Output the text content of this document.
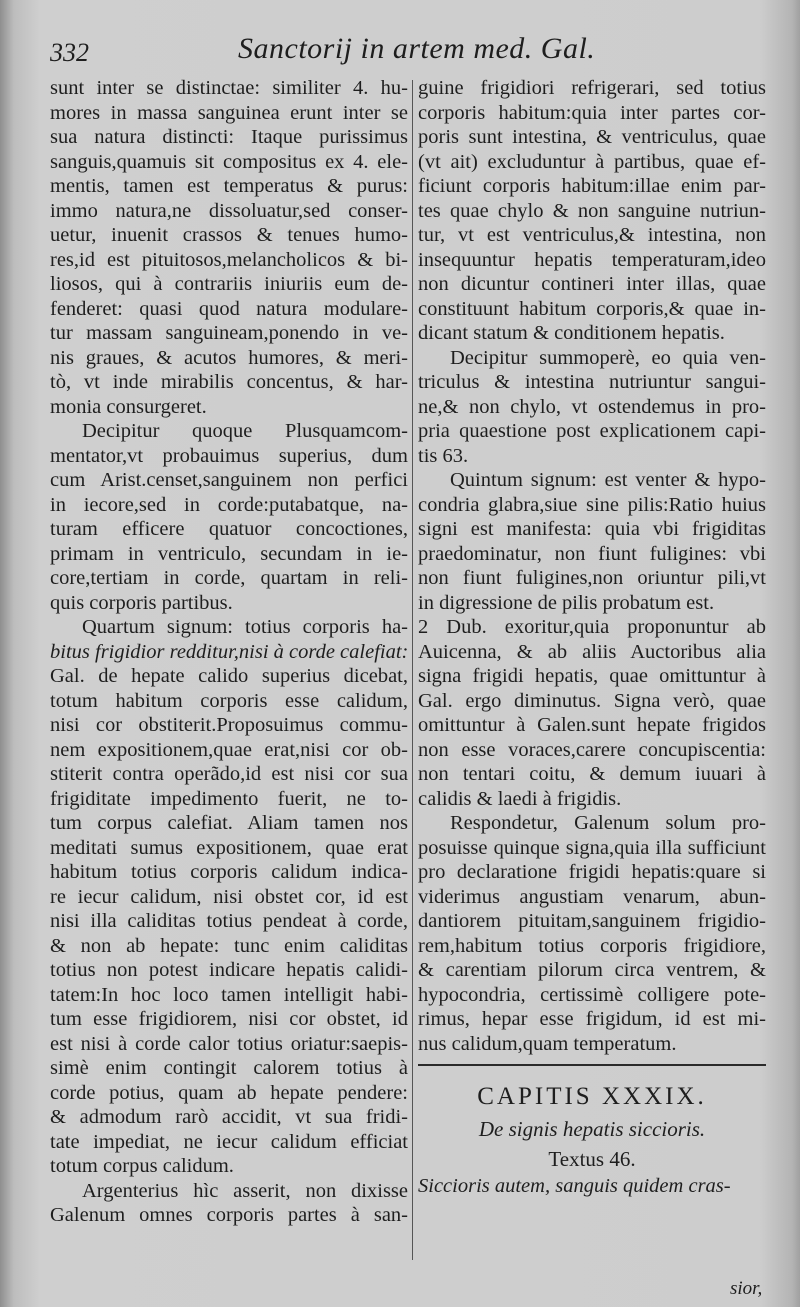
332	Sanctorij in artem med. Gal.
sunt inter se distinctae: similiter 4. hu-
mores in massa sanguinea erunt inter se
sua natura distincti: Itaque purissimus
sanguis,quamuis sit compositus ex 4. ele-
mentis, tamen est temperatus & purus:
immo natura,ne dissoluatur,sed conser-
uetur, inuenit crassos & tenues humo-
res,id est pituitosos,melancholicos & bi-
liosos, qui à contrariis iniuriis eum de-
fenderet: quasi quod natura modulare-
tur massam sanguineam,ponendo in ve-
nis graues, & acutos humores, & meri-
tò, vt inde mirabilis concentus, & har-
monia consurgeret.
Decipitur quoque Plusquamcom-
mentator,vt probauimus superius, dum
cum Arist.censet,sanguinem non perfici
in iecore,sed in corde:putabatque, na-
turam efficere quatuor concoctiones,
primam in ventriculo, secundam in ie-
core,tertiam in corde, quartam in reli-
quis corporis partibus.
Quartum signum: totius corporis ha-
bitus frigidior redditur,nisi à corde calefiat:
Gal. de hepate calido superius dicebat,
totum habitum corporis esse calidum,
nisi cor obstiterit.Proposuimus commu-
nem expositionem,quae erat,nisi cor ob-
stiterit contra operãdo,id est nisi cor sua
frigiditate impedimento fuerit, ne to-
tum corpus calefiat. Aliam tamen nos
meditati sumus expositionem, quae erat
habitum totius corporis calidum indica-
re iecur calidum, nisi obstet cor, id est
nisi illa caliditas totius pendeat à corde,
& non ab hepate: tunc enim caliditas
totius non potest indicare hepatis calidi-
tatem:In hoc loco tamen intelligit habi-
tum esse frigidiorem, nisi cor obstet, id
est nisi à corde calor totius oriatur:saepis-
simè enim contingit calorem totius à
corde potius, quam ab hepate pendere:
& admodum rarò accidit, vt sua fridi-
tate impediat, ne iecur calidum efficiat
totum corpus calidum.
Argenterius hìc asserit, non dixisse
Galenum omnes corporis partes à san-
guine frigidiori refrigerari, sed totius
corporis habitum:quia inter partes cor-
poris sunt intestina, & ventriculus, quae
(vt ait) excluduntur à partibus, quae ef-
ficiunt corporis habitum:illae enim par-
tes quae chylo & non sanguine nutriun-
tur, vt est ventriculus,& intestina, non
insequuntur hepatis temperaturam,ideo
non dicuntur contineri inter illas, quae
constituunt habitum corporis,& quae in-
dicant statum & conditionem hepatis.
Decipitur summoperè, eo quia ven-
triculus & intestina nutriuntur sangui-
ne,& non chylo, vt ostendemus in pro-
pria quaestione post explicationem capi-
tis 63.
Quintum signum: est venter & hypo-
condria glabra,siue sine pilis:Ratio huius
signi est manifesta: quia vbi frigiditas
praedominatur, non fiunt fuligines: vbi
non fiunt fuligines,non oriuntur pili,vt
in digressione de pilis probatum est.
2 Dub. exoritur,quia proponuntur ab
Auicenna, & ab aliis Auctoribus alia
signa frigidi hepatis, quae omittuntur à
Gal. ergo diminutus. Signa verò, quae
omittuntur à Galen.sunt hepate frigidos
non esse voraces,carere concupiscentia:
non tentari coitu, & demum iuuari à
calidis & laedi à frigidis.
Respondetur, Galenum solum pro-
posuisse quinque signa,quia illa sufficiunt
pro declaratione frigidi hepatis:quare si
viderimus angustiam venarum, abun-
dantiorem pituitam,sanguinem frigidio-
rem,habitum totius corporis frigidiore,
& carentiam pilorum circa ventrem, &
hypocondria, certissimè colligere pote-
rimus, hepar esse frigidum, id est mi-
nus calidum,quam temperatum.
CAPITIS XXXIX.
De signis hepatis siccioris.
Textus 46.
Siccioris autem, sanguis quidem cras-
sior,
